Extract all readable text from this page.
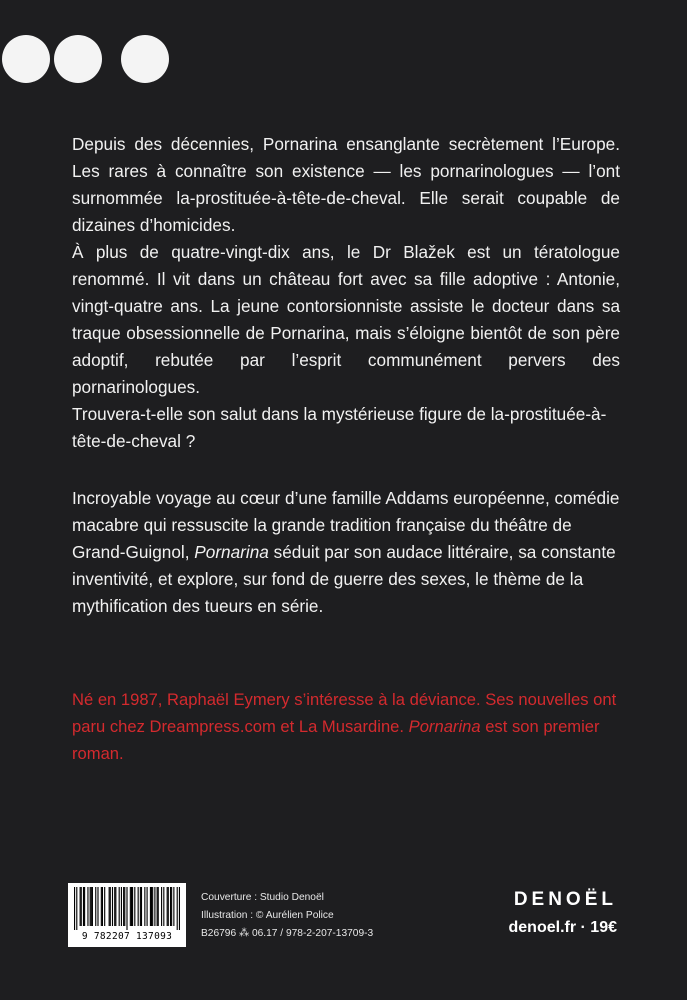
Depuis des décennies, Pornarina ensanglante secrètement l’Europe. Les rares à connaître son existence — les pornarinologues — l’ont surnommée la-prostituée-à-tête-de-cheval. Elle serait coupable de dizaines d’homicides.

À plus de quatre-vingt-dix ans, le Dr Blažek est un tératologue renommé. Il vit dans un château fort avec sa fille adoptive : Antonie, vingt-quatre ans. La jeune contorsionniste assiste le docteur dans sa traque obsessionnelle de Pornarina, mais s’éloigne bientôt de son père adoptif, rebutée par l’esprit communément pervers des pornarinologues.

Trouvera-t-elle son salut dans la mystérieuse figure de la-prostituée-à-tête-de-cheval ?

Incroyable voyage au cœur d’une famille Addams européenne, comédie macabre qui ressuscite la grande tradition française du théâtre de Grand-Guignol, Pornarina séduit par son audace littéraire, sa constante inventivité, et explore, sur fond de guerre des sexes, le thème de la mythification des tueurs en série.

Né en 1987, Raphaël Eymery s’intéresse à la déviance. Ses nouvelles ont paru chez Dreampress.com et La Musardine. Pornarina est son premier roman.

9 782207 137093
Couverture : Studio Denoël
Illustration : © Aurélien Police
B26796 ⁂ 06.17 / 978-2-207-13709-3
DENOËL
denoel.fr · 19€
